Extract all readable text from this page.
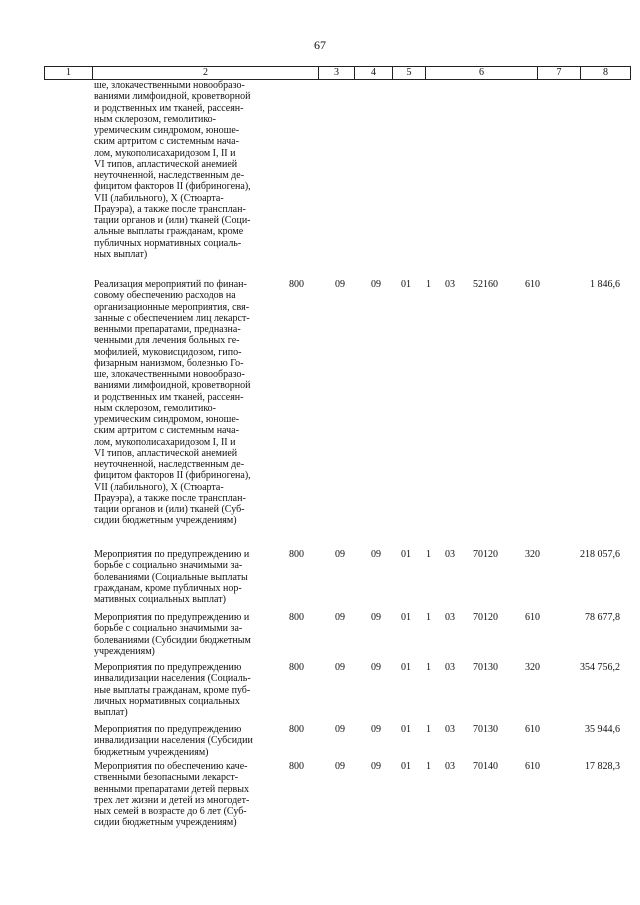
67
1	2	3	4	5	6	7	8
ше, злокачественными новообразо-
ваниями лимфоидной, кроветворной
и родственных им тканей, рассеян-
ным склерозом, гемолитико-
уремическим синдромом, юноше-
ским артритом с системным нача-
лом, мукополисахаридозом I, II и
VI типов, апластической анемией
неуточненной, наследственным де-
фицитом факторов II (фибриногена),
VII (лабильного), X (Стюарта-
Прауэра), а также после трансплан-
тации органов и (или) тканей (Соци-
альные выплаты гражданам, кроме
публичных нормативных социаль-
ных выплат)
Реализация мероприятий по финан-
совому обеспечению расходов на
организационные мероприятия, свя-
занные с обеспечением лиц лекарст-
венными препаратами, предназна-
ченными для лечения больных ге-
мофилией, муковисцидозом, гипо-
физарным нанизмом, болезнью Го-
ше, злокачественными новообразо-
ваниями лимфоидной, кроветворной
и родственных им тканей, рассеян-
ным склерозом, гемолитико-
уремическим синдромом, юноше-
ским артритом с системным нача-
лом, мукополисахаридозом I, II и
VI типов, апластической анемией
неуточненной, наследственным де-
фицитом факторов II (фибриногена),
VII (лабильного), X (Стюарта-
Прауэра), а также после трансплан-
тации органов и (или) тканей (Суб-
сидии бюджетным учреждениям)
800	09	09 01 1 03 52160	610	1 846,6
Мероприятия по предупреждению и
борьбе с социально значимыми за-
болеваниями (Социальные выплаты
гражданам, кроме публичных нор-
мативных социальных выплат)
800	09	09 01 1 03 70120	320	218 057,6
Мероприятия по предупреждению и
борьбе с социально значимыми за-
болеваниями (Субсидии бюджетным
учреждениям)
800	09	09 01 1 03 70120	610	78 677,8
Мероприятия по предупреждению
инвалидизации населения (Социаль-
ные выплаты гражданам, кроме пуб-
личных нормативных социальных
выплат)
800	09	09 01 1 03 70130	320	354 756,2
Мероприятия по предупреждению
инвалидизации населения (Субсидии
бюджетным учреждениям)
800	09	09 01 1 03 70130	610	35 944,6
Мероприятия по обеспечению каче-
ственными безопасными лекарст-
венными препаратами детей первых
трех лет жизни и детей из многодет-
ных семей в возрасте до 6 лет (Суб-
сидии бюджетным учреждениям)
800	09	09 01 1 03 70140	610	17 828,3
